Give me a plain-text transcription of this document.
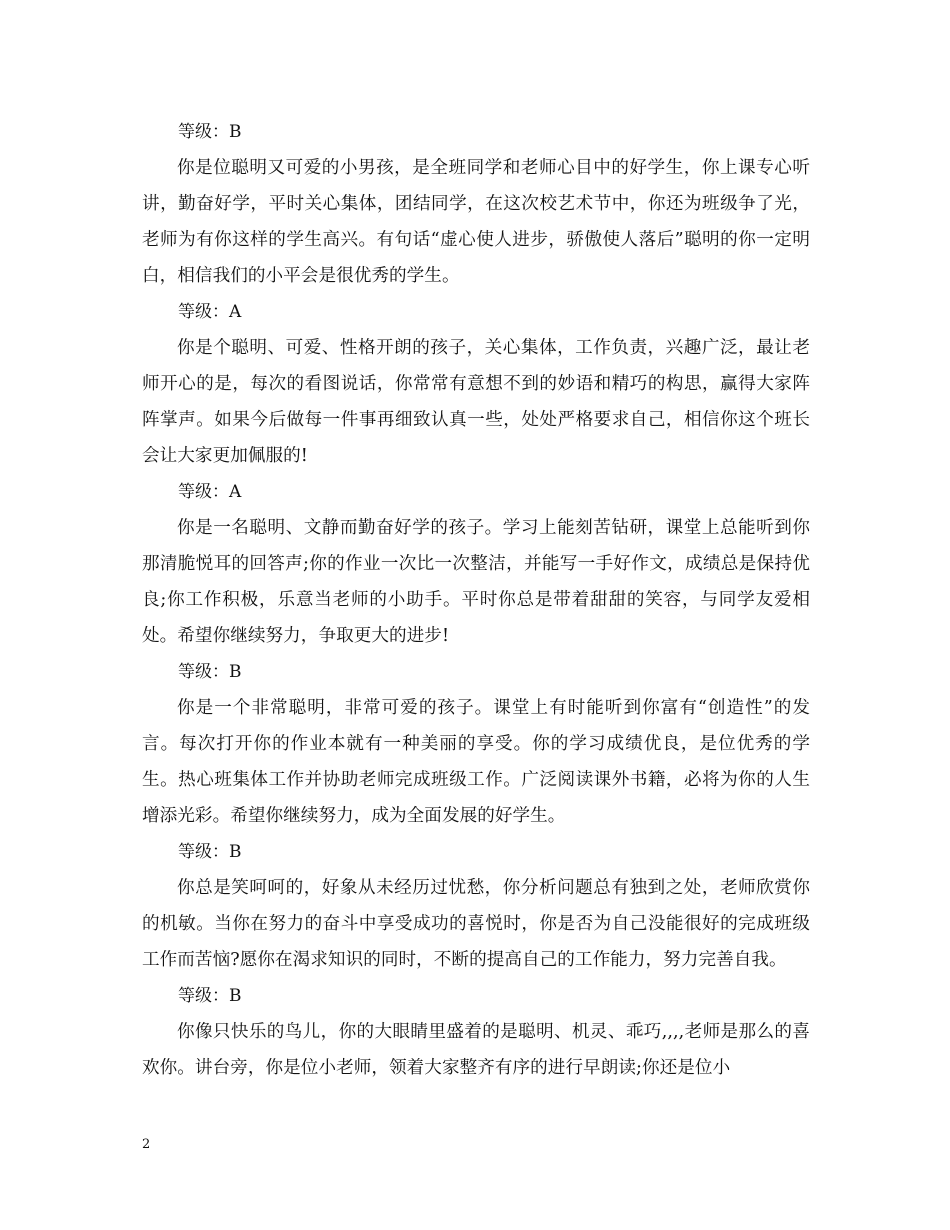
等级：B
你是位聪明又可爱的小男孩，是全班同学和老师心目中的好学生，你上课专心听讲，勤奋好学，平时关心集体，团结同学，在这次校艺术节中，你还为班级争了光，老师为有你这样的学生高兴。有句话“虚心使人进步，骄傲使人落后”聪明的你一定明白，相信我们的小平会是很优秀的学生。
等级：A
你是个聪明、可爱、性格开朗的孩子，关心集体，工作负责，兴趣广泛，最让老师开心的是，每次的看图说话，你常常有意想不到的妙语和精巧的构思，赢得大家阵阵掌声。如果今后做每一件事再细致认真一些，处处严格要求自己，相信你这个班长会让大家更加佩服的!
等级：A
你是一名聪明、文静而勤奋好学的孩子。学习上能刻苦钻研，课堂上总能听到你那清脆悦耳的回答声;你的作业一次比一次整洁，并能写一手好作文，成绩总是保持优良;你工作积极，乐意当老师的小助手。平时你总是带着甜甜的笑容，与同学友爱相处。希望你继续努力，争取更大的进步!
等级：B
你是一个非常聪明，非常可爱的孩子。课堂上有时能听到你富有“创造性”的发言。每次打开你的作业本就有一种美丽的享受。你的学习成绩优良，是位优秀的学生。热心班集体工作并协助老师完成班级工作。广泛阅读课外书籍，必将为你的人生增添光彩。希望你继续努力，成为全面发展的好学生。
等级：B
你总是笑呵呵的，好象从未经历过忧愁，你分析问题总有独到之处，老师欣赏你的机敏。当你在努力的奋斗中享受成功的喜悦时，你是否为自己没能很好的完成班级工作而苦恼?愿你在渴求知识的同时，不断的提高自己的工作能力，努力完善自我。
等级：B
你像只快乐的鸟儿，你的大眼睛里盛着的是聪明、机灵、乖巧,,,,老师是那么的喜欢你。讲台旁，你是位小老师，领着大家整齐有序的进行早朗读;你还是位小
2
